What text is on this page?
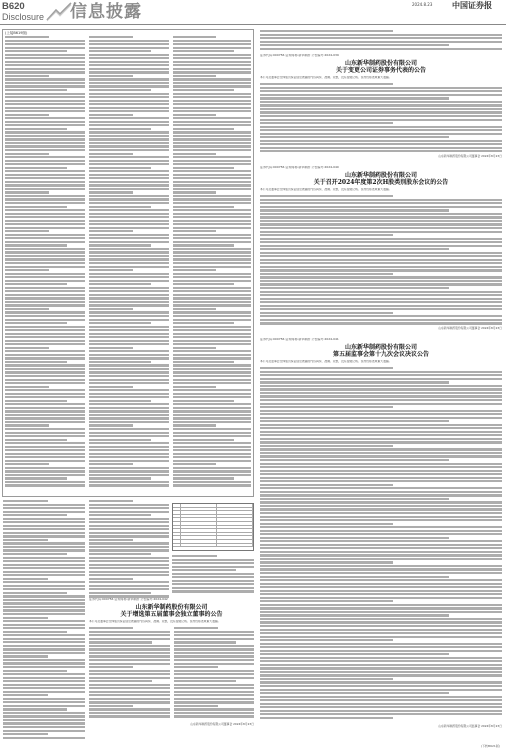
B620
Disclosure 信息披露	2024.8.23 中国证券报
(上接B619版)
证券代码:000756 证券简称:新华制药 公告编号:2024-042
山东新华制药股份有限公司
关于增选第五届董事会独立董事的公告
本公司及董事会全体成员保证信息披露的内容真实、准确、完整，没有虚假记载、误导性陈述或重大遗漏。
山东新华制药股份有限公司董事会 2024年8月23日
证券代码:000756 证券简称:新华制药 公告编号:2024-039
山东新华制药股份有限公司
关于变更公司证券事务代表的公告
本公司及董事会全体成员保证信息披露的内容真实、准确、完整，没有虚假记载、误导性陈述或重大遗漏。
山东新华制药股份有限公司董事会 2024年8月23日
证券代码:000756 证券简称:新华制药 公告编号:2024-040
山东新华制药股份有限公司
关于召开2024年度第2次H股类别股东会议的公告
本公司及董事会全体成员保证信息披露的内容真实、准确、完整，没有虚假记载、误导性陈述或重大遗漏。
山东新华制药股份有限公司董事会 2024年8月23日
证券代码:000756 证券简称:新华制药 公告编号:2024-041
山东新华制药股份有限公司
第五届监事会第十九次会议决议公告
本公司及监事会全体成员保证信息披露的内容真实、准确、完整，没有虚假记载、误导性陈述或重大遗漏。
山东新华制药股份有限公司监事会 2024年8月23日
(下转B621版)
